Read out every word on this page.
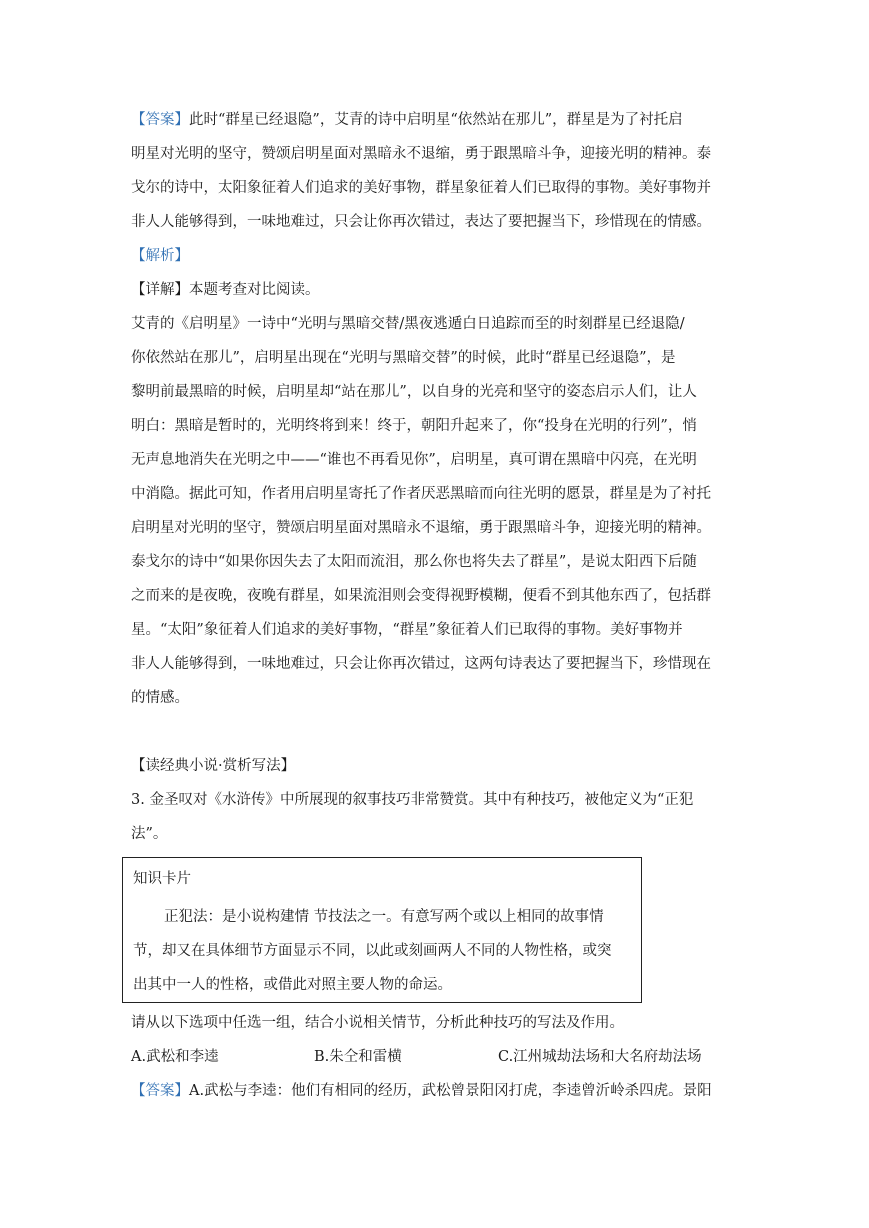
【答案】此时“群星已经退隐”，艾青的诗中启明星“依然站在那儿”，群星是为了衬托启
明星对光明的坚守，赞颂启明星面对黑暗永不退缩，勇于跟黑暗斗争，迎接光明的精神。泰
戈尔的诗中，太阳象征着人们追求的美好事物，群星象征着人们已取得的事物。美好事物并
非人人能够得到，一味地难过，只会让你再次错过，表达了要把握当下，珍惜现在的情感。
【解析】
【详解】本题考查对比阅读。
艾青的《启明星》一诗中“光明与黑暗交替/黑夜逃遁白日追踪而至的时刻群星已经退隐/
你依然站在那儿”，启明星出现在“光明与黑暗交替”的时候，此时“群星已经退隐”，是
黎明前最黑暗的时候，启明星却“站在那儿”，以自身的光亮和坚守的姿态启示人们，让人
明白：黑暗是暂时的，光明终将到来！终于，朝阳升起来了，你“投身在光明的行列”，悄
无声息地消失在光明之中——“谁也不再看见你”，启明星，真可谓在黑暗中闪亮，在光明
中消隐。据此可知，作者用启明星寄托了作者厌恶黑暗而向往光明的愿景，群星是为了衬托
启明星对光明的坚守，赞颂启明星面对黑暗永不退缩，勇于跟黑暗斗争，迎接光明的精神。
泰戈尔的诗中“如果你因失去了太阳而流泪，那么你也将失去了群星”，是说太阳西下后随
之而来的是夜晚，夜晚有群星，如果流泪则会变得视野模糊，便看不到其他东西了，包括群
星。“太阳”象征着人们追求的美好事物，“群星”象征着人们已取得的事物。美好事物并
非人人能够得到，一味地难过，只会让你再次错过，这两句诗表达了要把握当下，珍惜现在
的情感。
【读经典小说·赏析写法】
3. 金圣叹对《水浒传》中所展现的叙事技巧非常赞赏。其中有种技巧，被他定义为“正犯
法”。
知识卡片
正犯法：是小说构建情 节技法之一。有意写两个或以上相同的故事情
节，却又在具体细节方面显示不同，以此或刻画两人不同的人物性格，或突
出其中一人的性格，或借此对照主要人物的命运。
请从以下选项中任选一组，结合小说相关情节，分析此种技巧的写法及作用。
A.武松和李逵	B.朱仝和雷横	C.江州城劫法场和大名府劫法场
【答案】A.武松与李逵：他们有相同的经历，武松曾景阳冈打虎，李逵曾沂岭杀四虎。景阳
